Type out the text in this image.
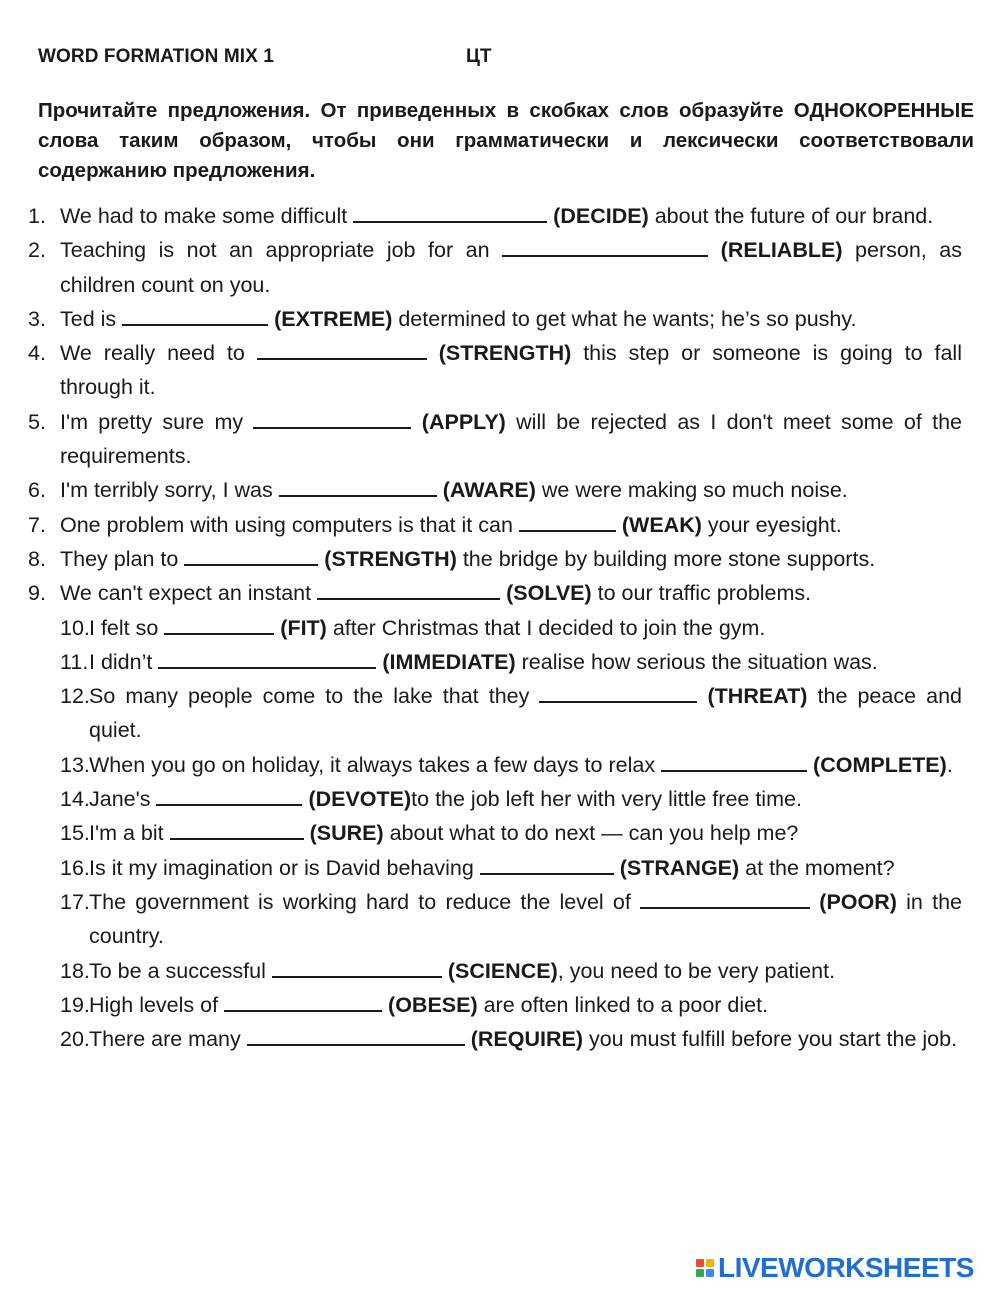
WORD FORMATION MIX 1	ЦТ
Прочитайте предложения. От приведенных в скобках слов образуйте ОДНОКОРЕННЫЕ слова таким образом, чтобы они грамматически и лексически соответствовали содержанию предложения.
1. We had to make some difficult	(DECIDE) about the future of our brand.
2. Teaching is not an appropriate job for an	(RELIABLE) person, as children count on you.
3. Ted is	(EXTREME) determined to get what he wants; he’s so pushy.
4. We really need to	(STRENGTH) this step or someone is going to fall through it.
5. I'm pretty sure my	(APPLY) will be rejected as I don't meet some of the requirements.
6. I'm terribly sorry, I was	(AWARE) we were making so much noise.
7. One problem with using computers is that it can	(WEAK) your eyesight.
8. They plan to	(STRENGTH) the bridge by building more stone supports.
9. We can't expect an instant	(SOLVE) to our traffic problems.
10.I felt so	(FIT) after Christmas that I decided to join the gym.
11.I didn’t	(IMMEDIATE) realise how serious the situation was.
12.So many people come to the lake that they	(THREAT) the peace and quiet.
13.When you go on holiday, it always takes a few days to relax	(COMPLETE).
14.Jane's	(DEVOTE)to the job left her with very little free time.
15.I'm a bit	(SURE) about what to do next — can you help me?
16.Is it my imagination or is David behaving	(STRANGE) at the moment?
17.The government is working hard to reduce the level of	(POOR) in the country.
18.To be a successful	(SCIENCE), you need to be very patient.
19.High levels of	(OBESE) are often linked to a poor diet.
20.There are many	(REQUIRE) you must fulfill before you start the job.
LIVEWORKSHEETS
